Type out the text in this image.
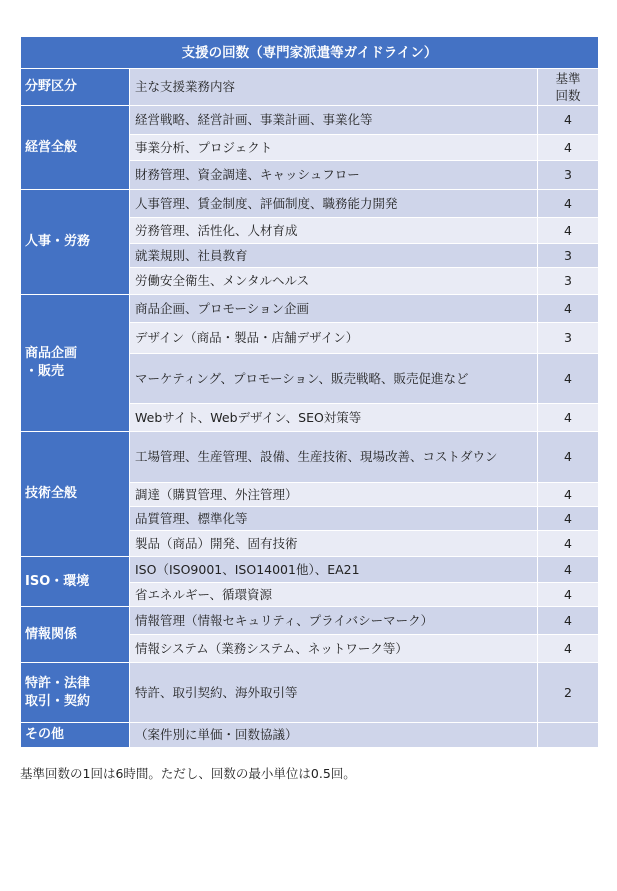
支援の回数（専門家派遣等ガイドライン）		
分野区分	主な支援業務内容	基準回数
経営全般	経営戦略、経営計画、事業計画、事業化等	4
	事業分析、プロジェクト	4
	財務管理、資金調達、キャッシュフロー	3
人事・労務	人事管理、賃金制度、評価制度、職務能力開発	4
	労務管理、活性化、人材育成	4
	就業規則、社員教育	3
	労働安全衛生、メンタルヘルス	3
商品企画
・販売	商品企画、プロモーション企画	4
	デザイン（商品・製品・店舗デザイン）	3
	マーケティング、プロモーション、販売戦略、販売促進など	4
	Webサイト、Webデザイン、SEO対策等	4
技術全般	工場管理、生産管理、設備、生産技術、現場改善、コストダウン	4
	調達（購買管理、外注管理）	4
	品質管理、標準化等	4
	製品（商品）開発、固有技術	4
ISO・環境	ISO（ISO9001、ISO14001他）、EA21	4
	省エネルギー、循環資源	4
情報関係	情報管理（情報セキュリティ、プライバシーマーク）	4
	情報システム（業務システム、ネットワーク等）	4
特許・法律
取引・契約	特許、取引契約、海外取引等	2
その他	（案件別に単価・回数協議）	
基準回数の1回は6時間。ただし、回数の最小単位は0.5回。
